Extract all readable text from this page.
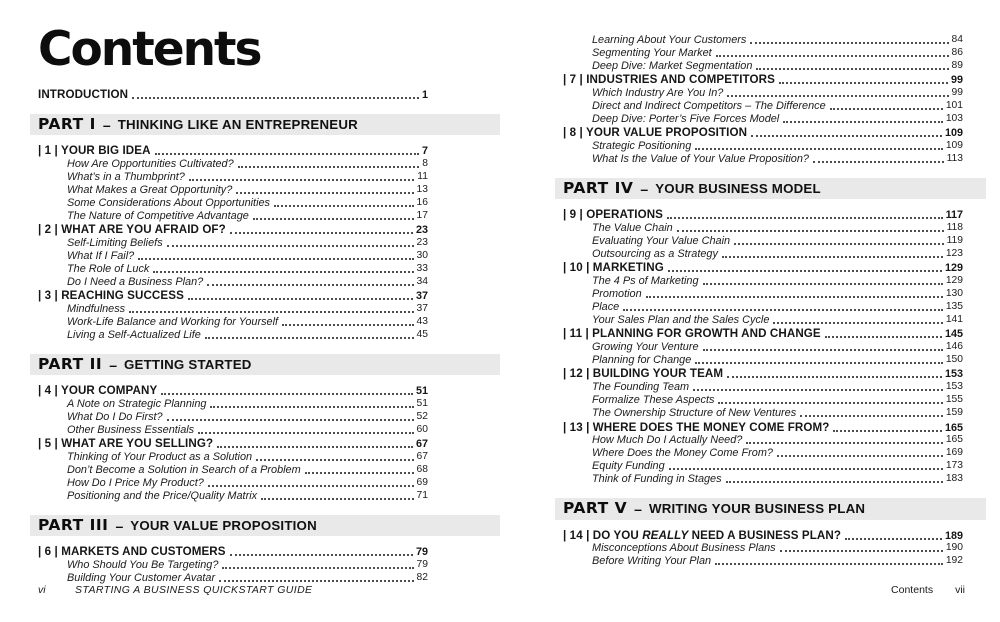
Contents
INTRODUCTION	1
PART I – THINKING LIKE AN ENTREPRENEUR
| 1 | YOUR BIG IDEA	7
How Are Opportunities Cultivated?	8
What’s in a Thumbprint?	11
What Makes a Great Opportunity?	13
Some Considerations About Opportunities	16
The Nature of Competitive Advantage	17
| 2 | WHAT ARE YOU AFRAID OF?	23
Self-Limiting Beliefs	23
What If I Fail?	30
The Role of Luck	33
Do I Need a Business Plan?	34
| 3 | REACHING SUCCESS	37
Mindfulness	37
Work-Life Balance and Working for Yourself	43
Living a Self-Actualized Life	45
PART II – GETTING STARTED
| 4 | YOUR COMPANY	51
A Note on Strategic Planning	51
What Do I Do First?	52
Other Business Essentials	60
| 5 | WHAT ARE YOU SELLING?	67
Thinking of Your Product as a Solution	67
Don’t Become a Solution in Search of a Problem	68
How Do I Price My Product?	69
Positioning and the Price/Quality Matrix	71
PART III – YOUR VALUE PROPOSITION
| 6 | MARKETS AND CUSTOMERS	79
Who Should You Be Targeting?	79
Building Your Customer Avatar	82
Learning About Your Customers	84
Segmenting Your Market	86
Deep Dive: Market Segmentation	89
| 7 | INDUSTRIES AND COMPETITORS	99
Which Industry Are You In?	99
Direct and Indirect Competitors – The Difference	101
Deep Dive: Porter’s Five Forces Model	103
| 8 | YOUR VALUE PROPOSITION	109
Strategic Positioning	109
What Is the Value of Your Value Proposition?	113
PART IV – YOUR BUSINESS MODEL
| 9 | OPERATIONS	117
The Value Chain	118
Evaluating Your Value Chain	119
Outsourcing as a Strategy	123
| 10 | MARKETING	129
The 4 Ps of Marketing	129
Promotion	130
Place	135
Your Sales Plan and the Sales Cycle	141
| 11 | PLANNING FOR GROWTH AND CHANGE	145
Growing Your Venture	146
Planning for Change	150
| 12 | BUILDING YOUR TEAM	153
The Founding Team	153
Formalize These Aspects	155
The Ownership Structure of New Ventures	159
| 13 | WHERE DOES THE MONEY COME FROM?	165
How Much Do I Actually Need?	165
Where Does the Money Come From?	169
Equity Funding	173
Think of Funding in Stages	183
PART V – WRITING YOUR BUSINESS PLAN
| 14 | DO YOU REALLY NEED A BUSINESS PLAN?	189
Misconceptions About Business Plans	190
Before Writing Your Plan	192
vi	STARTING A BUSINESS QUICKSTART GUIDE	Contents vii
